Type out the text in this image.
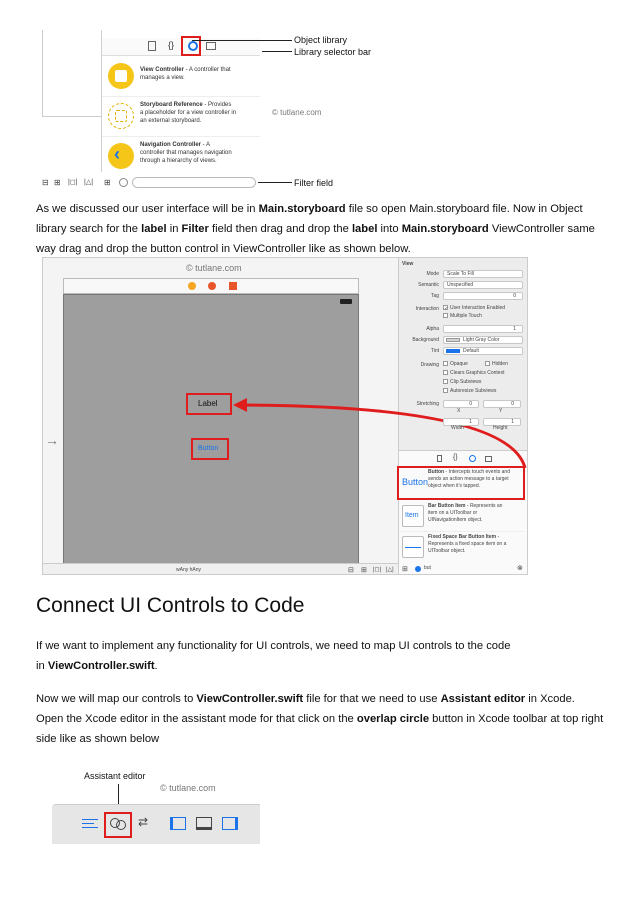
{}
View Controller - A controller that
manages a view.
Storyboard Reference - Provides
a placeholder for a view controller in
an external storyboard.
‹	Navigation Controller - A
controller that manages navigation
through a hierarchy of views.
© tutlane.com
⊟ ⊞ |◻| |△| ⊞
Object library
Library selector bar
Filter field
As we discussed our user interface will be in Main.storyboard file so open Main.storyboard file. Now in Object
library search for the label in Filter field then drag and drop the label into Main.storyboard ViewController same
way drag and drop the button control in ViewController like as shown below.
© tutlane.com
→
Label
Button
wAny hAny	⊟ ⊞ |◻| |△|
View
{}
Button
Button - Intercepts touch events and
sends an action message to a target
object when it's tapped.
Item
Bar Button Item - Represents an
item on a UIToolbar or
UINavigationItem object.
Fixed Space Bar Button Item -
Represents a fixed space item on a
UIToolbar object.
⊞	but	⊗
Mode	Scale To Fill
Semantic	Unspecified
Tag	0
Interaction ✓ User Interaction Enabled
Multiple Touch
Alpha	1
Background	Light Gray Color
Tint	Default
Drawing	Opaque	Hidden
Clears Graphics Context
Clip Subviews
Autoresize Subviews
Stretching	0	0
X	Y
1	1
Width	Height
Connect UI Controls to Code
If we want to implement any functionality for UI controls, we need to map UI controls to the code
in ViewController.swift.
Now we will map our controls to ViewController.swift file for that we need to use Assistant editor in Xcode.
Open the Xcode editor in the assistant mode for that click on the overlap circle button in Xcode toolbar at top right
side like as shown below
Assistant editor
© tutlane.com
⇄
